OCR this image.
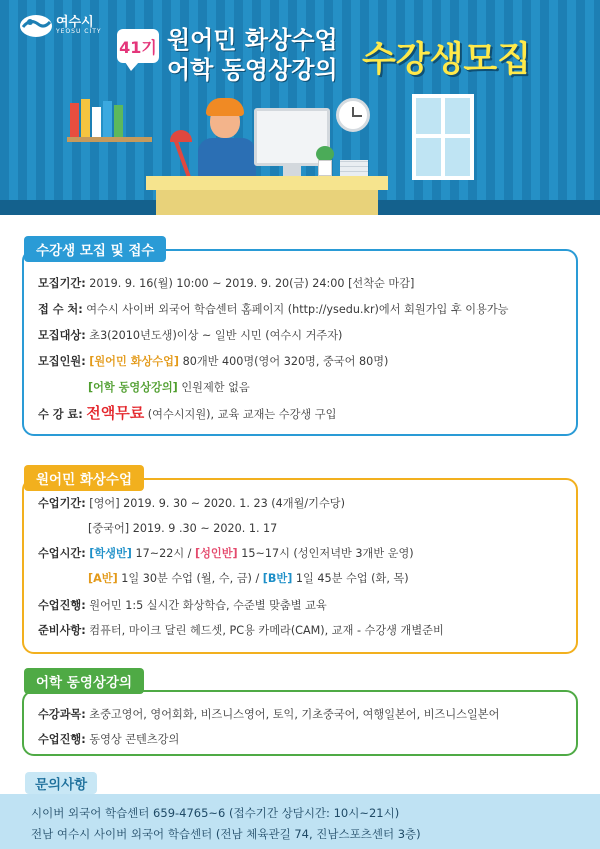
여수시
YEOSU CITY
41기 원어민 화상수업
어학 동영상강의 수강생모집
수강생 모집 및 접수
모집기간: 2019. 9. 16(월) 10:00 ~ 2019. 9. 20(금) 24:00 [선착순 마감]
접 수 처: 여수시 사이버 외국어 학습센터 홈페이지 (http://ysedu.kr)에서 회원가입 후 이용가능
모집대상: 초3(2010년도생)이상 ~ 일반 시민 (여수시 거주자)
모집인원: [원어민 화상수업] 80개반 400명(영어 320명, 중국어 80명)
[어학 동영상강의] 인원제한 없음
수 강 료: 전액무료 (여수시지원), 교육 교재는 수강생 구입
원어민 화상수업
수업기간: [영어] 2019. 9. 30 ~ 2020. 1. 23 (4개월/기수당)
[중국어] 2019. 9 .30 ~ 2020. 1. 17
수업시간: [학생반] 17~22시 / [성인반] 15~17시 (성인저녁반 3개반 운영)
[A반] 1일 30분 수업 (월, 수, 금) / [B반] 1일 45분 수업 (화, 목)
수업진행: 원어민 1:5 실시간 화상학습, 수준별 맞춤별 교육
준비사항: 컴퓨터, 마이크 달린 헤드셋, PC용 카메라(CAM), 교재 - 수강생 개별준비
어학 동영상강의
수강과목: 초중고영어, 영어회화, 비즈니스영어, 토익, 기초중국어, 여행일본어, 비즈니스일본어
수업진행: 동영상 콘텐츠강의
문의사항
시이버 외국어 학습센터 659-4765~6 (접수기간 상담시간: 10시~21시)
전남 여수시 사이버 외국어 학습센터 (전남 체육관길 74, 진남스포츠센터 3층)
